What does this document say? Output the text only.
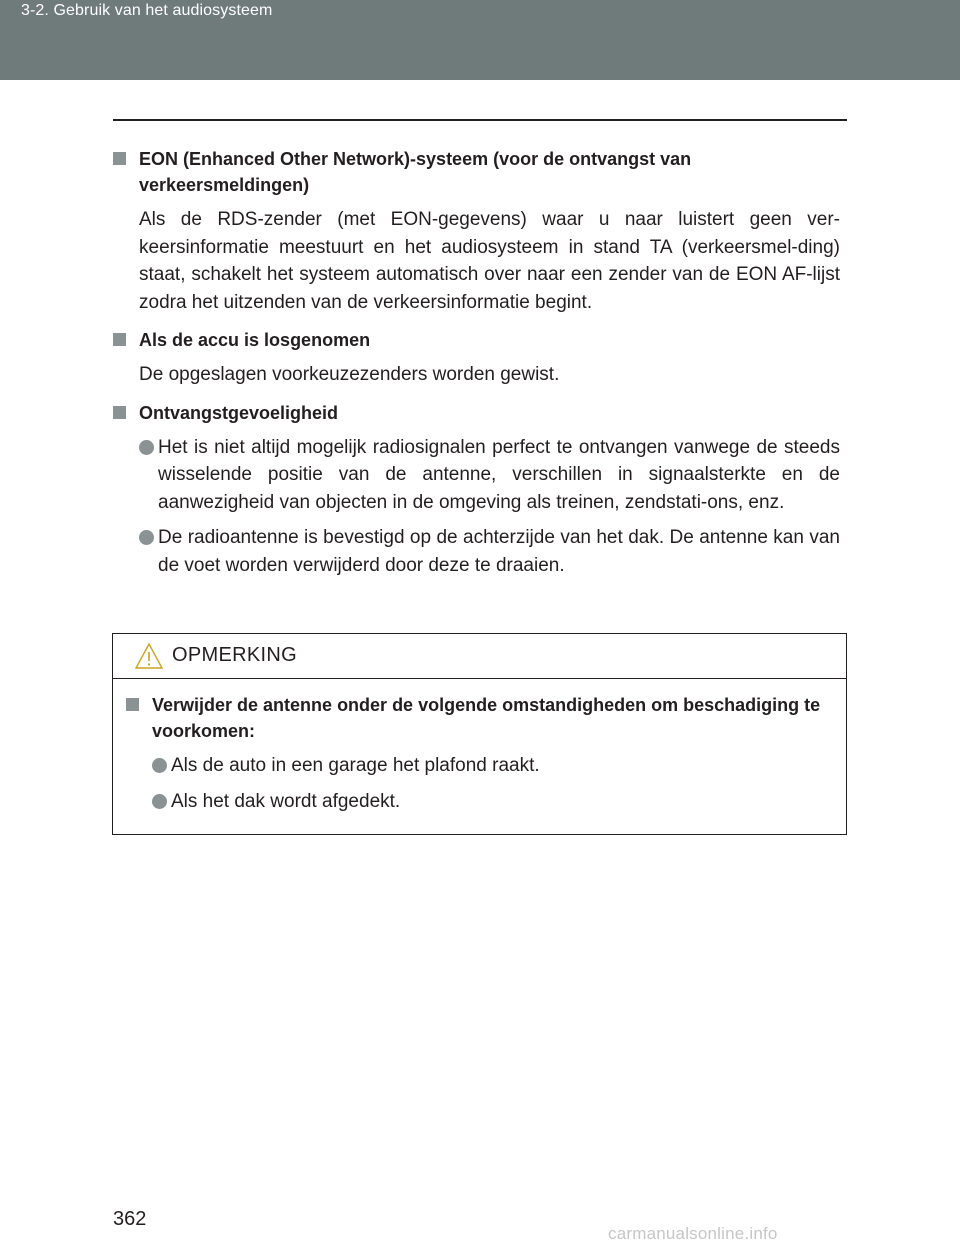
3-2. Gebruik van het audiosysteem
EON (Enhanced Other Network)-systeem (voor de ontvangst van verkeersmeldingen)
Als de RDS-zender (met EON-gegevens) waar u naar luistert geen ver-keersinformatie meestuurt en het audiosysteem in stand TA (verkeersmel-ding) staat, schakelt het systeem automatisch over naar een zender van de EON AF-lijst zodra het uitzenden van de verkeersinformatie begint.
Als de accu is losgenomen
De opgeslagen voorkeuzezenders worden gewist.
Ontvangstgevoeligheid
Het is niet altijd mogelijk radiosignalen perfect te ontvangen vanwege de steeds wisselende positie van de antenne, verschillen in signaalsterkte en de aanwezigheid van objecten in de omgeving als treinen, zendstati-ons, enz.
De radioantenne is bevestigd op de achterzijde van het dak. De antenne kan van de voet worden verwijderd door deze te draaien.
OPMERKING
Verwijder de antenne onder de volgende omstandigheden om beschadiging te voorkomen:
Als de auto in een garage het plafond raakt.
Als het dak wordt afgedekt.
362
carmanualsonline.info
